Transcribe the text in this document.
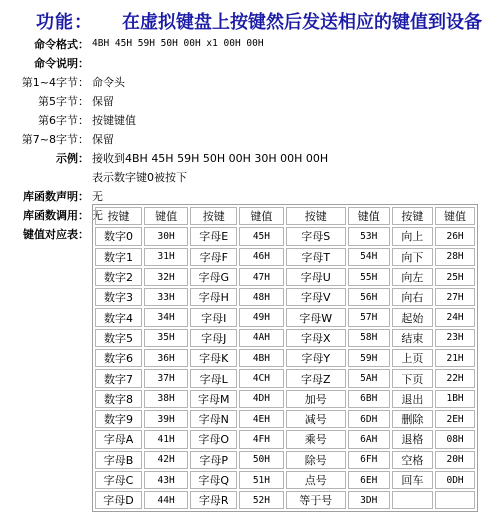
功能： 在虚拟键盘上按键然后发送相应的键值到设备
命令格式： 4BH 45H 59H 50H 00H x1 00H 00H
命令说明：
第1~4字节： 命令头
第5字节： 保留
第6字节： 按键键值
第7~8字节： 保留
示例： 接收到4BH 45H 59H 50H 00H 30H 00H 00H
表示数字键0被按下
库函数声明： 无
库函数调用： 无
键值对应表：
按键	键值	按键	键值	按键	键值	按键	键值
数字0	30H	字母E	45H	字母S	53H	向上	26H
数字1	31H	字母F	46H	字母T	54H	向下	28H
数字2	32H	字母G	47H	字母U	55H	向左	25H
数字3	33H	字母H	48H	字母V	56H	向右	27H
数字4	34H	字母I	49H	字母W	57H	起始	24H
数字5	35H	字母J	4AH	字母X	58H	结束	23H
数字6	36H	字母K	4BH	字母Y	59H	上页	21H
数字7	37H	字母L	4CH	字母Z	5AH	下页	22H
数字8	38H	字母M	4DH	加号	6BH	退出	1BH
数字9	39H	字母N	4EH	减号	6DH	删除	2EH
字母A	41H	字母O	4FH	乘号	6AH	退格	08H
字母B	42H	字母P	50H	除号	6FH	空格	20H
字母C	43H	字母Q	51H	点号	6EH	回车	0DH
字母D	44H	字母R	52H	等于号	3DH		
